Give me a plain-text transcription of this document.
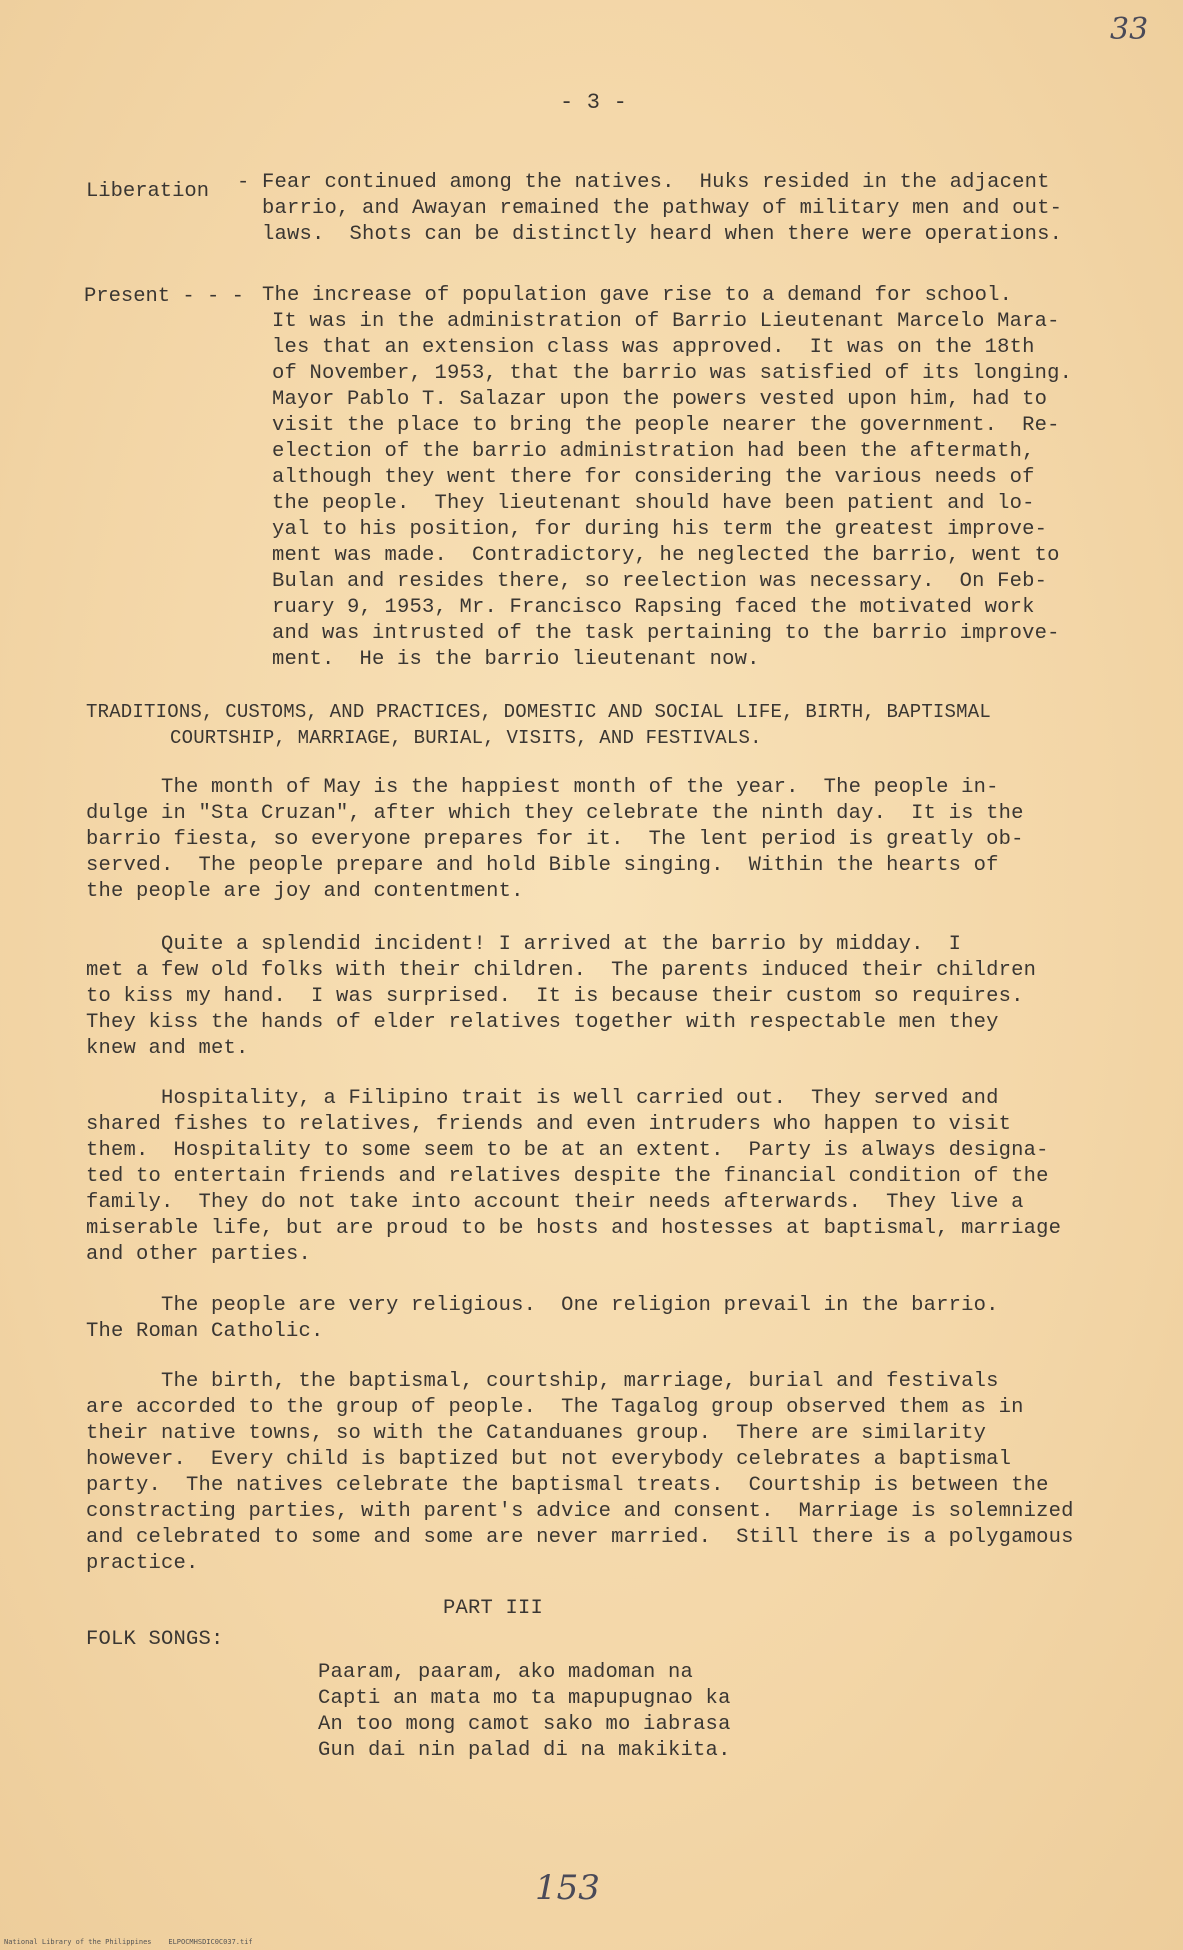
33
- 3 -
Liberation - Fear continued among the natives.  Huks resided in the adjacent
barrio, and Awayan remained the pathway of military men and out-
laws.  Shots can be distinctly heard when there were operations.
Present - - - The increase of population gave rise to a demand for school.
It was in the administration of Barrio Lieutenant Marcelo Mara-
les that an extension class was approved.  It was on the 18th
of November, 1953, that the barrio was satisfied of its longing.
Mayor Pablo T. Salazar upon the powers vested upon him, had to
visit the place to bring the people nearer the government.  Re-
election of the barrio administration had been the aftermath,
although they went there for considering the various needs of
the people.  They lieutenant should have been patient and lo-
yal to his position, for during his term the greatest improve-
ment was made.  Contradictory, he neglected the barrio, went to
Bulan and resides there, so reelection was necessary.  On Feb-
ruary 9, 1953, Mr. Francisco Rapsing faced the motivated work
and was intrusted of the task pertaining to the barrio improve-
ment.  He is the barrio lieutenant now.
TRADITIONS, CUSTOMS, AND PRACTICES, DOMESTIC AND SOCIAL LIFE, BIRTH, BAPTISMAL
COURTSHIP, MARRIAGE, BURIAL, VISITS, AND FESTIVALS.
The month of May is the happiest month of the year.  The people in-
dulge in "Sta Cruzan", after which they celebrate the ninth day.  It is the
barrio fiesta, so everyone prepares for it.  The lent period is greatly ob-
served.  The people prepare and hold Bible singing.  Within the hearts of
the people are joy and contentment.
Quite a splendid incident! I arrived at the barrio by midday.  I
met a few old folks with their children.  The parents induced their children
to kiss my hand.  I was surprised.  It is because their custom so requires.
They kiss the hands of elder relatives together with respectable men they
knew and met.
Hospitality, a Filipino trait is well carried out.  They served and
shared fishes to relatives, friends and even intruders who happen to visit
them.  Hospitality to some seem to be at an extent.  Party is always designa-
ted to entertain friends and relatives despite the financial condition of the
family.  They do not take into account their needs afterwards.  They live a
miserable life, but are proud to be hosts and hostesses at baptismal, marriage
and other parties.
The people are very religious.  One religion prevail in the barrio.
The Roman Catholic.
The birth, the baptismal, courtship, marriage, burial and festivals
are accorded to the group of people.  The Tagalog group observed them as in
their native towns, so with the Catanduanes group.  There are similarity
however.  Every child is baptized but not everybody celebrates a baptismal
party.  The natives celebrate the baptismal treats.  Courtship is between the
constracting parties, with parent's advice and consent.  Marriage is solemnized
and celebrated to some and some are never married.  Still there is a polygamous
practice.
PART III
FOLK SONGS:
Paaram, paaram, ako madoman na
Capti an mata mo ta mapupugnao ka
An too mong camot sako mo iabrasa
Gun dai nin palad di na makikita.
153
National Library of the Philippines    ELPOCMHSDIC0C037.tif
